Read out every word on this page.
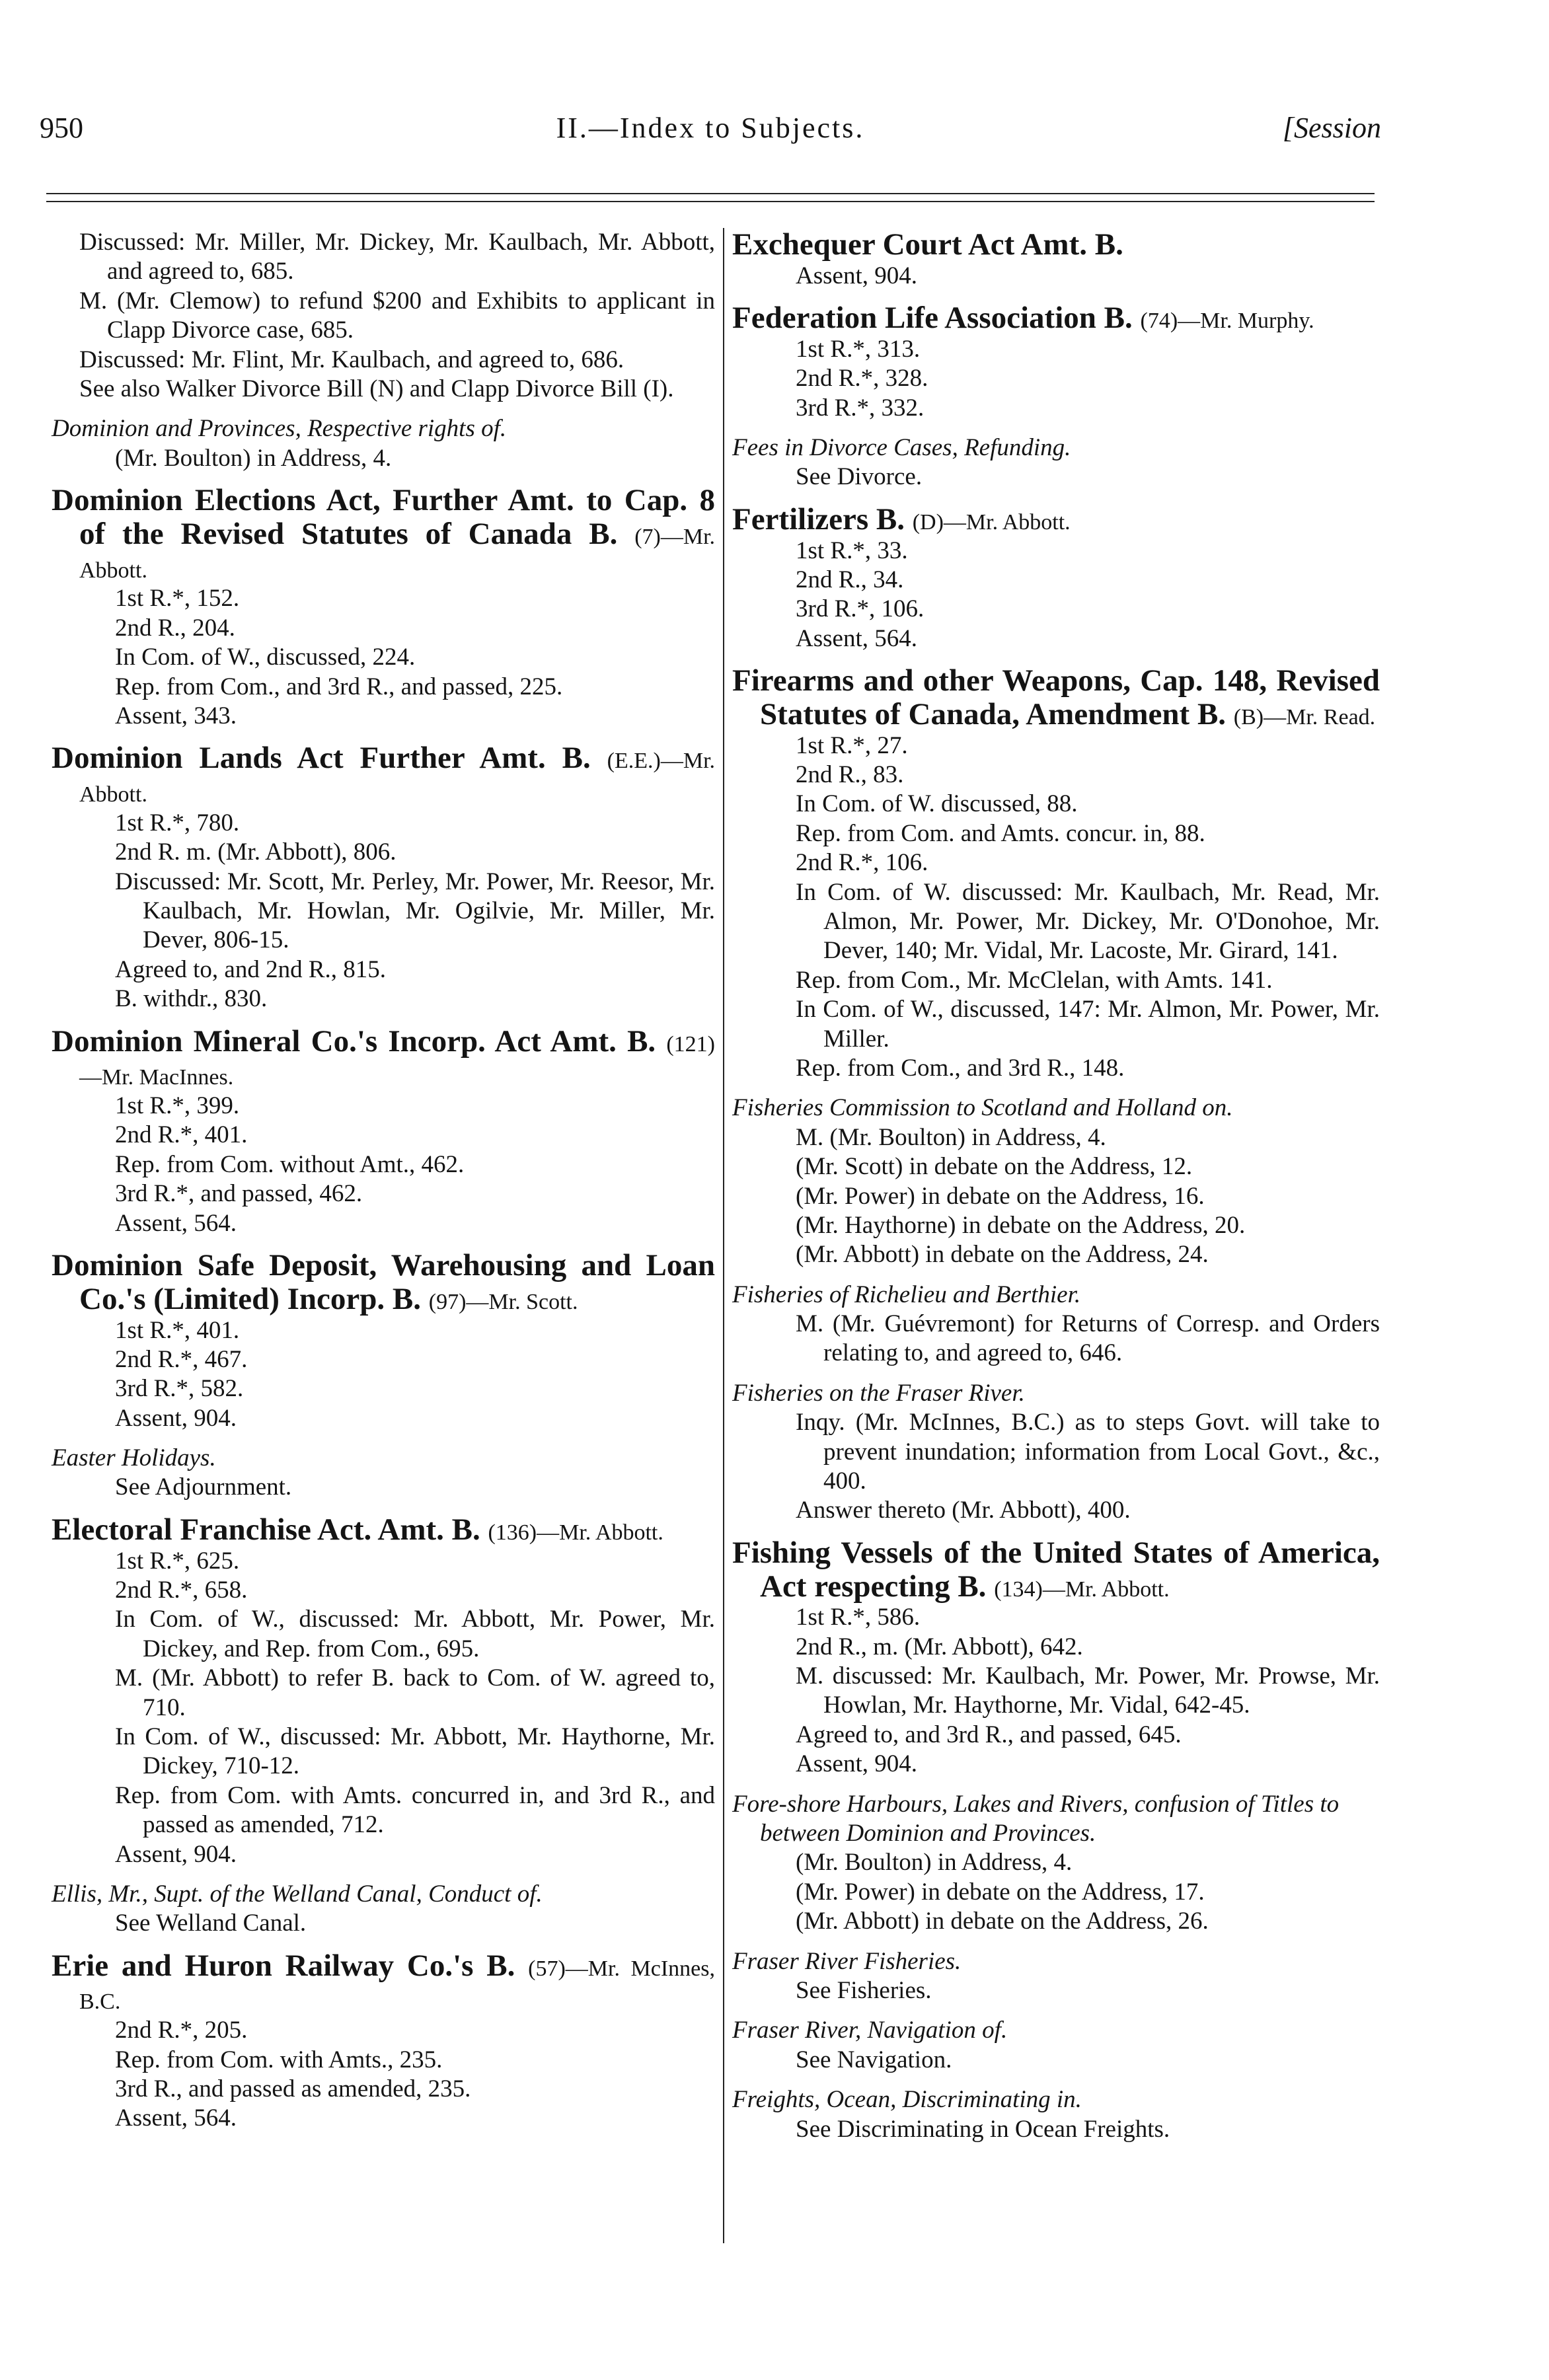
950	II.—Index to Subjects.	[Session

Discussed: Mr. Miller, Mr. Dickey, Mr. Kaulbach, Mr. Abbott, and agreed to, 685.

M. (Mr. Clemow) to refund $200 and Exhibits to applicant in Clapp Divorce case, 685.

Discussed: Mr. Flint, Mr. Kaulbach, and agreed to, 686.

See also Walker Divorce Bill (N) and Clapp Divorce Bill (I).

Dominion and Provinces, Respective rights of.

(Mr. Boulton) in Address, 4.

Dominion Elections Act, Further Amt. to Cap. 8 of the Revised Statutes of Canada B. (7)—Mr. Abbott.

1st R.*, 152.

2nd R., 204.

In Com. of W., discussed, 224.

Rep. from Com., and 3rd R., and passed, 225.

Assent, 343.

Dominion Lands Act Further Amt. B. (E.E.)—Mr. Abbott.

1st R.*, 780.

2nd R. m. (Mr. Abbott), 806.

Discussed: Mr. Scott, Mr. Perley, Mr. Power, Mr. Reesor, Mr. Kaulbach, Mr. Howlan, Mr. Ogilvie, Mr. Miller, Mr. Dever, 806-15.

Agreed to, and 2nd R., 815.

B. withdr., 830.

Dominion Mineral Co.'s Incorp. Act Amt. B. (121)—Mr. MacInnes.

1st R.*, 399.

2nd R.*, 401.

Rep. from Com. without Amt., 462.

3rd R.*, and passed, 462.

Assent, 564.

Dominion Safe Deposit, Warehousing and Loan Co.'s (Limited) Incorp. B. (97)—Mr. Scott.

1st R.*, 401.

2nd R.*, 467.

3rd R.*, 582.

Assent, 904.

Easter Holidays.

See Adjournment.

Electoral Franchise Act. Amt. B. (136)—Mr. Abbott.

1st R.*, 625.

2nd R.*, 658.

In Com. of W., discussed: Mr. Abbott, Mr. Power, Mr. Dickey, and Rep. from Com., 695.

M. (Mr. Abbott) to refer B. back to Com. of W. agreed to, 710.

In Com. of W., discussed: Mr. Abbott, Mr. Haythorne, Mr. Dickey, 710-12.

Rep. from Com. with Amts. concurred in, and 3rd R., and passed as amended, 712.

Assent, 904.

Ellis, Mr., Supt. of the Welland Canal, Conduct of.

See Welland Canal.

Erie and Huron Railway Co.'s B. (57)—Mr. McInnes, B.C.

2nd R.*, 205.

Rep. from Com. with Amts., 235.

3rd R., and passed as amended, 235.

Assent, 564.

Exchequer Court Act Amt. B.

Assent, 904.

Federation Life Association B. (74)—Mr. Murphy.

1st R.*, 313.

2nd R.*, 328.

3rd R.*, 332.

Fees in Divorce Cases, Refunding.

See Divorce.

Fertilizers B. (D)—Mr. Abbott.

1st R.*, 33.

2nd R., 34.

3rd R.*, 106.

Assent, 564.

Firearms and other Weapons, Cap. 148, Revised Statutes of Canada, Amendment B. (B)—Mr. Read.

1st R.*, 27.

2nd R., 83.

In Com. of W. discussed, 88.

Rep. from Com. and Amts. concur. in, 88.

2nd R.*, 106.

In Com. of W. discussed: Mr. Kaulbach, Mr. Read, Mr. Almon, Mr. Power, Mr. Dickey, Mr. O'Donohoe, Mr. Dever, 140; Mr. Vidal, Mr. Lacoste, Mr. Girard, 141.

Rep. from Com., Mr. McClelan, with Amts. 141.

In Com. of W., discussed, 147: Mr. Almon, Mr. Power, Mr. Miller.

Rep. from Com., and 3rd R., 148.

Fisheries Commission to Scotland and Holland on.

M. (Mr. Boulton) in Address, 4.

(Mr. Scott) in debate on the Address, 12.

(Mr. Power) in debate on the Address, 16.

(Mr. Haythorne) in debate on the Address, 20.

(Mr. Abbott) in debate on the Address, 24.

Fisheries of Richelieu and Berthier.

M. (Mr. Guévremont) for Returns of Corresp. and Orders relating to, and agreed to, 646.

Fisheries on the Fraser River.

Inqy. (Mr. McInnes, B.C.) as to steps Govt. will take to prevent inundation; information from Local Govt., &c., 400.

Answer thereto (Mr. Abbott), 400.

Fishing Vessels of the United States of America, Act respecting B. (134)—Mr. Abbott.

1st R.*, 586.

2nd R., m. (Mr. Abbott), 642.

M. discussed: Mr. Kaulbach, Mr. Power, Mr. Prowse, Mr. Howlan, Mr. Haythorne, Mr. Vidal, 642-45.

Agreed to, and 3rd R., and passed, 645.

Assent, 904.

Fore-shore Harbours, Lakes and Rivers, confusion of Titles to between Dominion and Provinces.

(Mr. Boulton) in Address, 4.

(Mr. Power) in debate on the Address, 17.

(Mr. Abbott) in debate on the Address, 26.

Fraser River Fisheries.

See Fisheries.

Fraser River, Navigation of.

See Navigation.

Freights, Ocean, Discriminating in.

See Discriminating in Ocean Freights.
